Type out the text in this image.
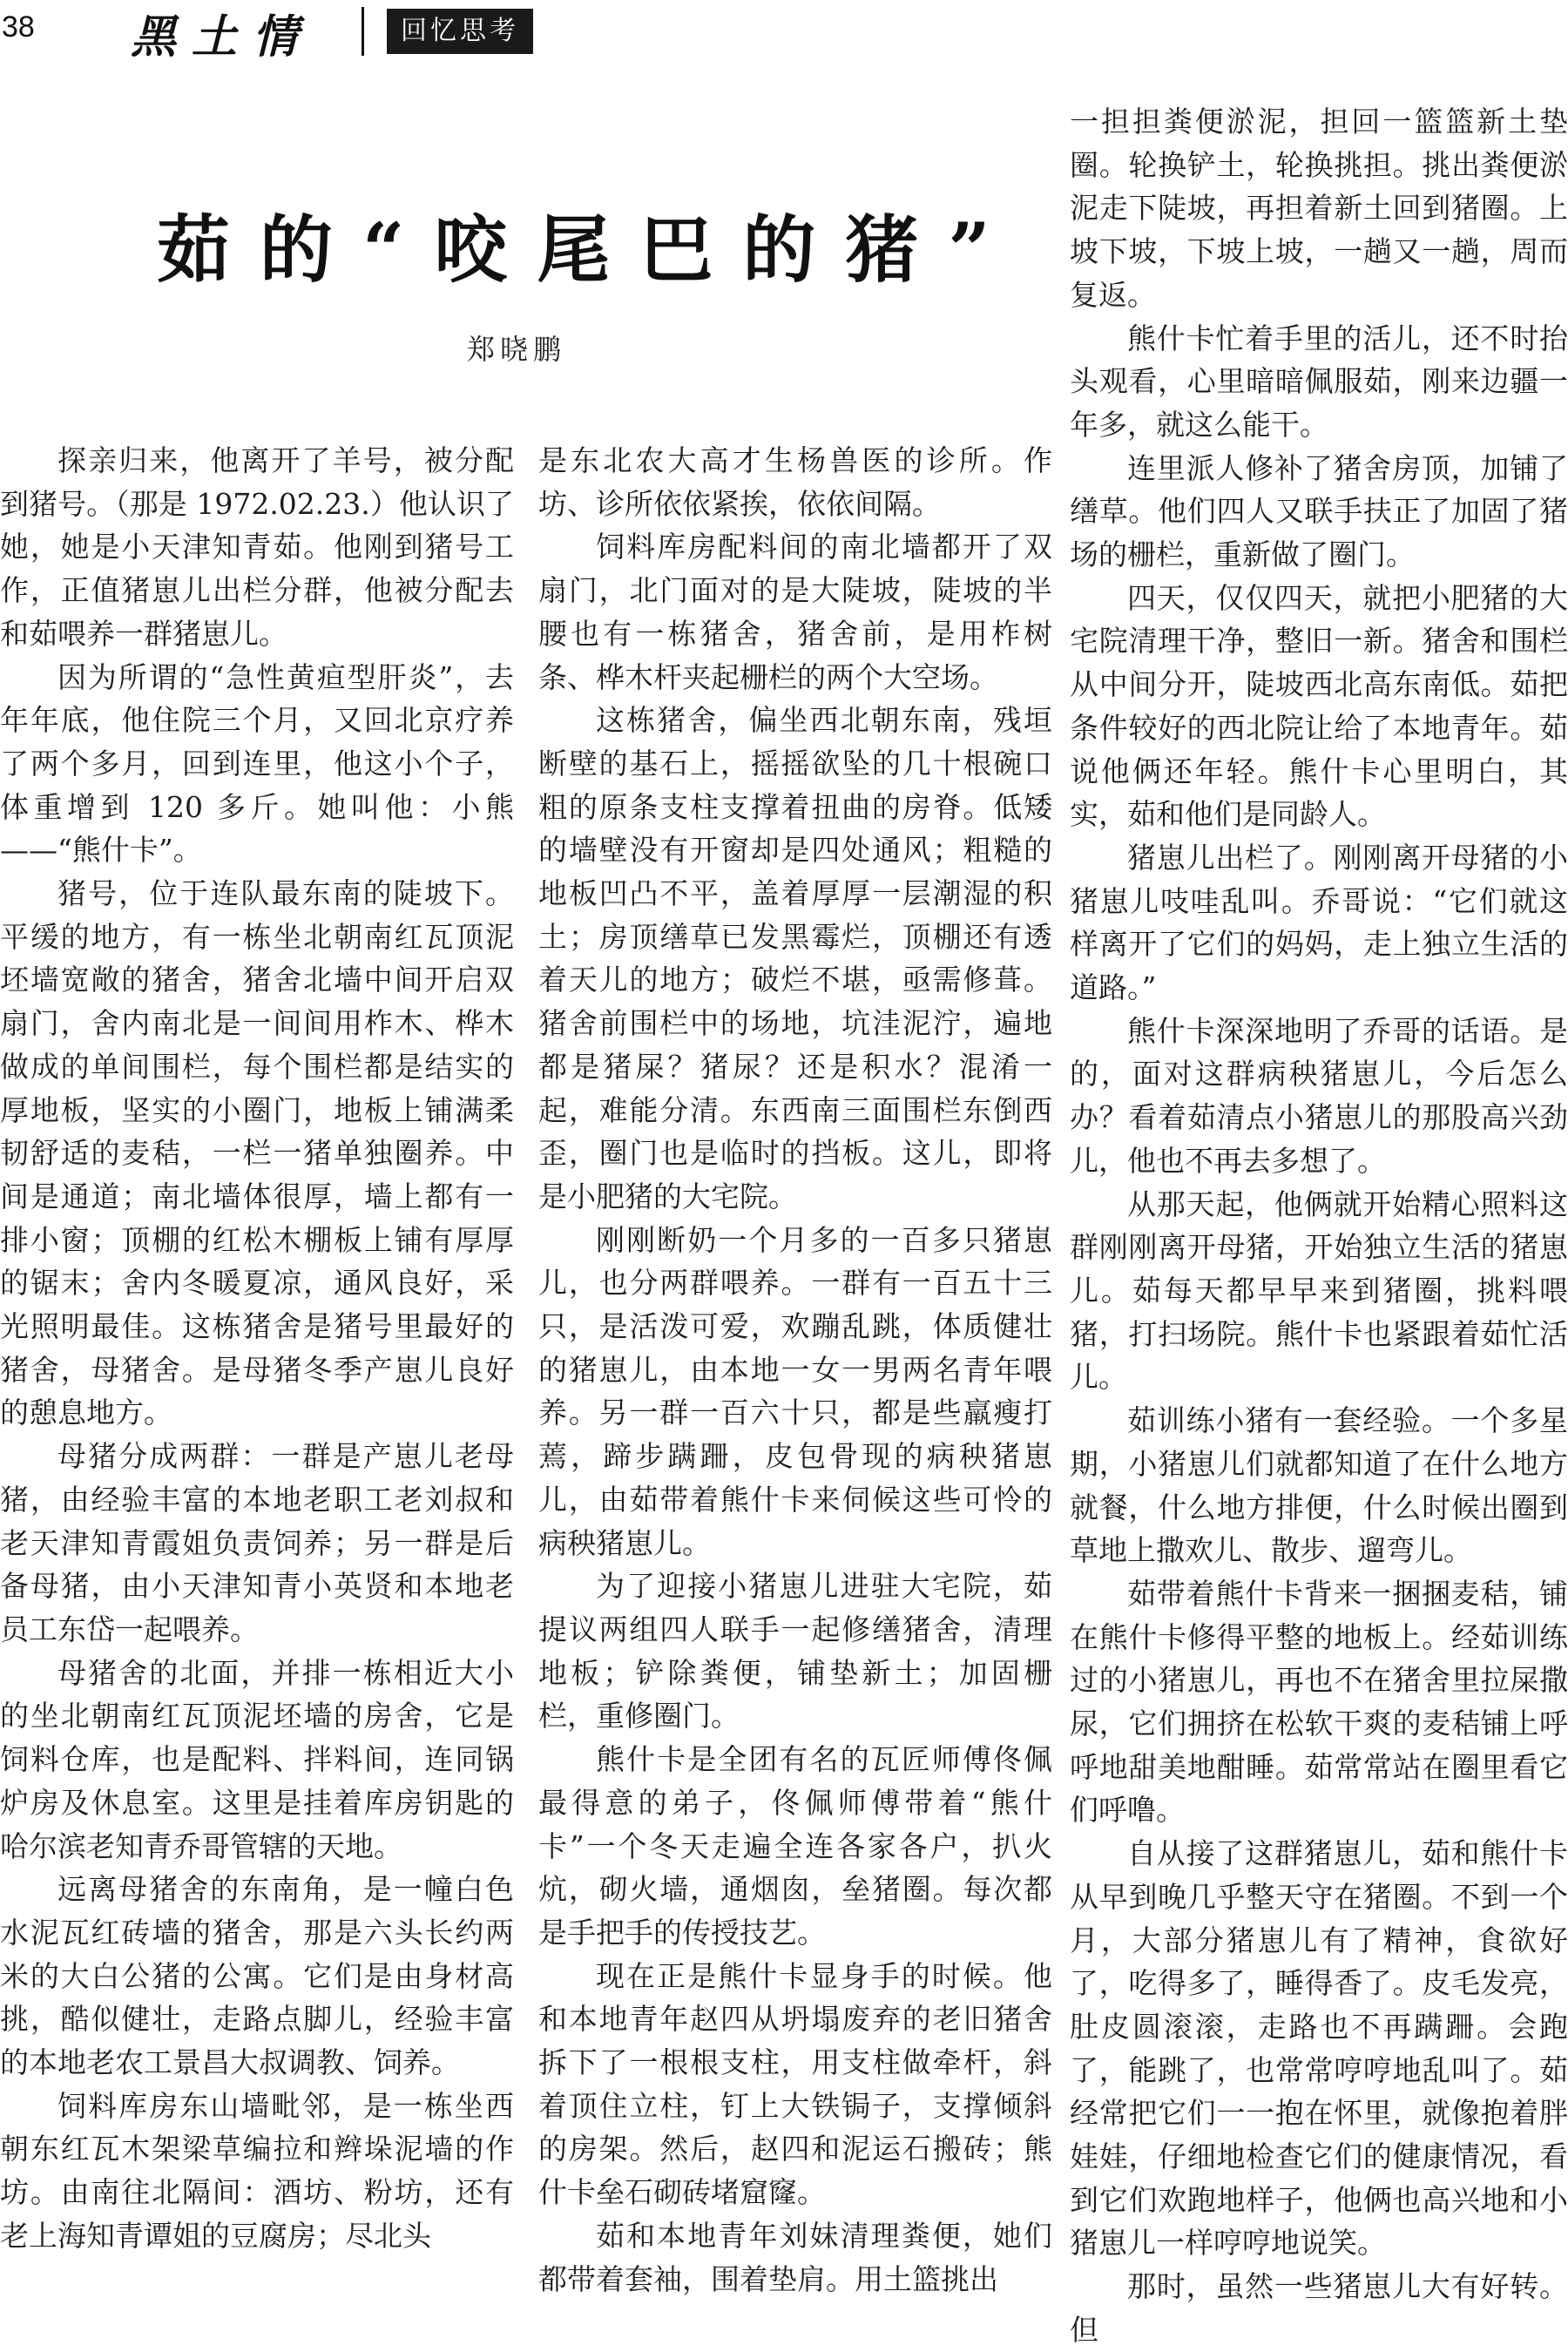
38 黑土情	回忆思考
茹的“咬尾巴的猪”
郑晓鹏

探亲归来，他离开了羊号，被分配到猪号。（那是 1972.02.23.）他认识了她，她是小天津知青茹。他刚到猪号工作，正值猪崽儿出栏分群，他被分配去和茹喂养一群猪崽儿。

因为所谓的“急性黄疸型肝炎”，去年年底，他住院三个月，又回北京疗养了两个多月，回到连里，他这小个子，体重增到 120 多斤。她叫他：小熊——“熊什卡”。

猪号，位于连队最东南的陡坡下。平缓的地方，有一栋坐北朝南红瓦顶泥坯墙宽敞的猪舍，猪舍北墙中间开启双扇门，舍内南北是一间间用柞木、桦木做成的单间围栏，每个围栏都是结实的厚地板，坚实的小圈门，地板上铺满柔韧舒适的麦秸，一栏一猪单独圈养。中间是通道；南北墙体很厚，墙上都有一排小窗；顶棚的红松木棚板上铺有厚厚的锯末；舍内冬暖夏凉，通风良好，采光照明最佳。这栋猪舍是猪号里最好的猪舍，母猪舍。是母猪冬季产崽儿良好的憩息地方。

母猪分成两群：一群是产崽儿老母猪，由经验丰富的本地老职工老刘叔和老天津知青霞姐负责饲养；另一群是后备母猪，由小天津知青小英贤和本地老员工东岱一起喂养。

母猪舍的北面，并排一栋相近大小的坐北朝南红瓦顶泥坯墙的房舍，它是饲料仓库，也是配料、拌料间，连同锅炉房及休息室。这里是挂着库房钥匙的哈尔滨老知青乔哥管辖的天地。

远离母猪舍的东南角，是一幢白色水泥瓦红砖墙的猪舍，那是六头长约两米的大白公猪的公寓。它们是由身材高挑，酷似健壮，走路点脚儿，经验丰富的本地老农工景昌大叔调教、饲养。

饲料库房东山墙毗邻，是一栋坐西朝东红瓦木架梁草编拉和辫垛泥墙的作坊。由南往北隔间：酒坊、粉坊，还有老上海知青谭姐的豆腐房；尽北头

是东北农大高才生杨兽医的诊所。作坊、诊所依依紧挨，依依间隔。

饲料库房配料间的南北墙都开了双扇门，北门面对的是大陡坡，陡坡的半腰也有一栋猪舍，猪舍前，是用柞树条、桦木杆夹起栅栏的两个大空场。

这栋猪舍，偏坐西北朝东南，残垣断壁的基石上，摇摇欲坠的几十根碗口粗的原条支柱支撑着扭曲的房脊。低矮的墙壁没有开窗却是四处通风；粗糙的地板凹凸不平，盖着厚厚一层潮湿的积土；房顶缮草已发黑霉烂，顶棚还有透着天儿的地方；破烂不堪，亟需修葺。猪舍前围栏中的场地，坑洼泥泞，遍地都是猪屎？猪尿？还是积水？混淆一起，难能分清。东西南三面围栏东倒西歪，圈门也是临时的挡板。这儿，即将是小肥猪的大宅院。

刚刚断奶一个月多的一百多只猪崽儿，也分两群喂养。一群有一百五十三只，是活泼可爱，欢蹦乱跳，体质健壮的猪崽儿，由本地一女一男两名青年喂养。另一群一百六十只，都是些羸瘦打蔫，蹄步蹒跚，皮包骨现的病秧猪崽儿，由茹带着熊什卡来伺候这些可怜的病秧猪崽儿。

为了迎接小猪崽儿进驻大宅院，茹提议两组四人联手一起修缮猪舍，清理地板；铲除粪便，铺垫新土；加固栅栏，重修圈门。

熊什卡是全团有名的瓦匠师傅佟佩最得意的弟子，佟佩师傅带着“熊什卡”一个冬天走遍全连各家各户，扒火炕，砌火墙，通烟囱，垒猪圈。每次都是手把手的传授技艺。

现在正是熊什卡显身手的时候。他和本地青年赵四从坍塌废弃的老旧猪舍拆下了一根根支柱，用支柱做牵杆，斜着顶住立柱，钉上大铁锔子，支撑倾斜的房架。然后，赵四和泥运石搬砖；熊什卡垒石砌砖堵窟窿。

茹和本地青年刘妹清理粪便，她们都带着套袖，围着垫肩。用土篮挑出

一担担粪便淤泥，担回一篮篮新土垫圈。轮换铲土，轮换挑担。挑出粪便淤泥走下陡坡，再担着新土回到猪圈。上坡下坡，下坡上坡，一趟又一趟，周而复返。

熊什卡忙着手里的活儿，还不时抬头观看，心里暗暗佩服茹，刚来边疆一年多，就这么能干。

连里派人修补了猪舍房顶，加铺了缮草。他们四人又联手扶正了加固了猪场的栅栏，重新做了圈门。

四天，仅仅四天，就把小肥猪的大宅院清理干净，整旧一新。猪舍和围栏从中间分开，陡坡西北高东南低。茹把条件较好的西北院让给了本地青年。茹说他俩还年轻。熊什卡心里明白，其实，茹和他们是同龄人。

猪崽儿出栏了。刚刚离开母猪的小猪崽儿吱哇乱叫。乔哥说：“它们就这样离开了它们的妈妈，走上独立生活的道路。”

熊什卡深深地明了乔哥的话语。是的，面对这群病秧猪崽儿，今后怎么办？看着茹清点小猪崽儿的那股高兴劲儿，他也不再去多想了。

从那天起，他俩就开始精心照料这群刚刚离开母猪，开始独立生活的猪崽儿。茹每天都早早来到猪圈，挑料喂猪，打扫场院。熊什卡也紧跟着茹忙活儿。

茹训练小猪有一套经验。一个多星期，小猪崽儿们就都知道了在什么地方就餐，什么地方排便，什么时候出圈到草地上撒欢儿、散步、遛弯儿。

茹带着熊什卡背来一捆捆麦秸，铺在熊什卡修得平整的地板上。经茹训练过的小猪崽儿，再也不在猪舍里拉屎撒尿，它们拥挤在松软干爽的麦秸铺上呼呼地甜美地酣睡。茹常常站在圈里看它们呼噜。

自从接了这群猪崽儿，茹和熊什卡从早到晚几乎整天守在猪圈。不到一个月，大部分猪崽儿有了精神，食欲好了，吃得多了，睡得香了。皮毛发亮，肚皮圆滚滚，走路也不再蹒跚。会跑了，能跳了，也常常哼哼地乱叫了。茹经常把它们一一抱在怀里，就像抱着胖娃娃，仔细地检查它们的健康情况，看到它们欢跑地样子，他俩也高兴地和小猪崽儿一样哼哼地说笑。

那时，虽然一些猪崽儿大有好转。但
